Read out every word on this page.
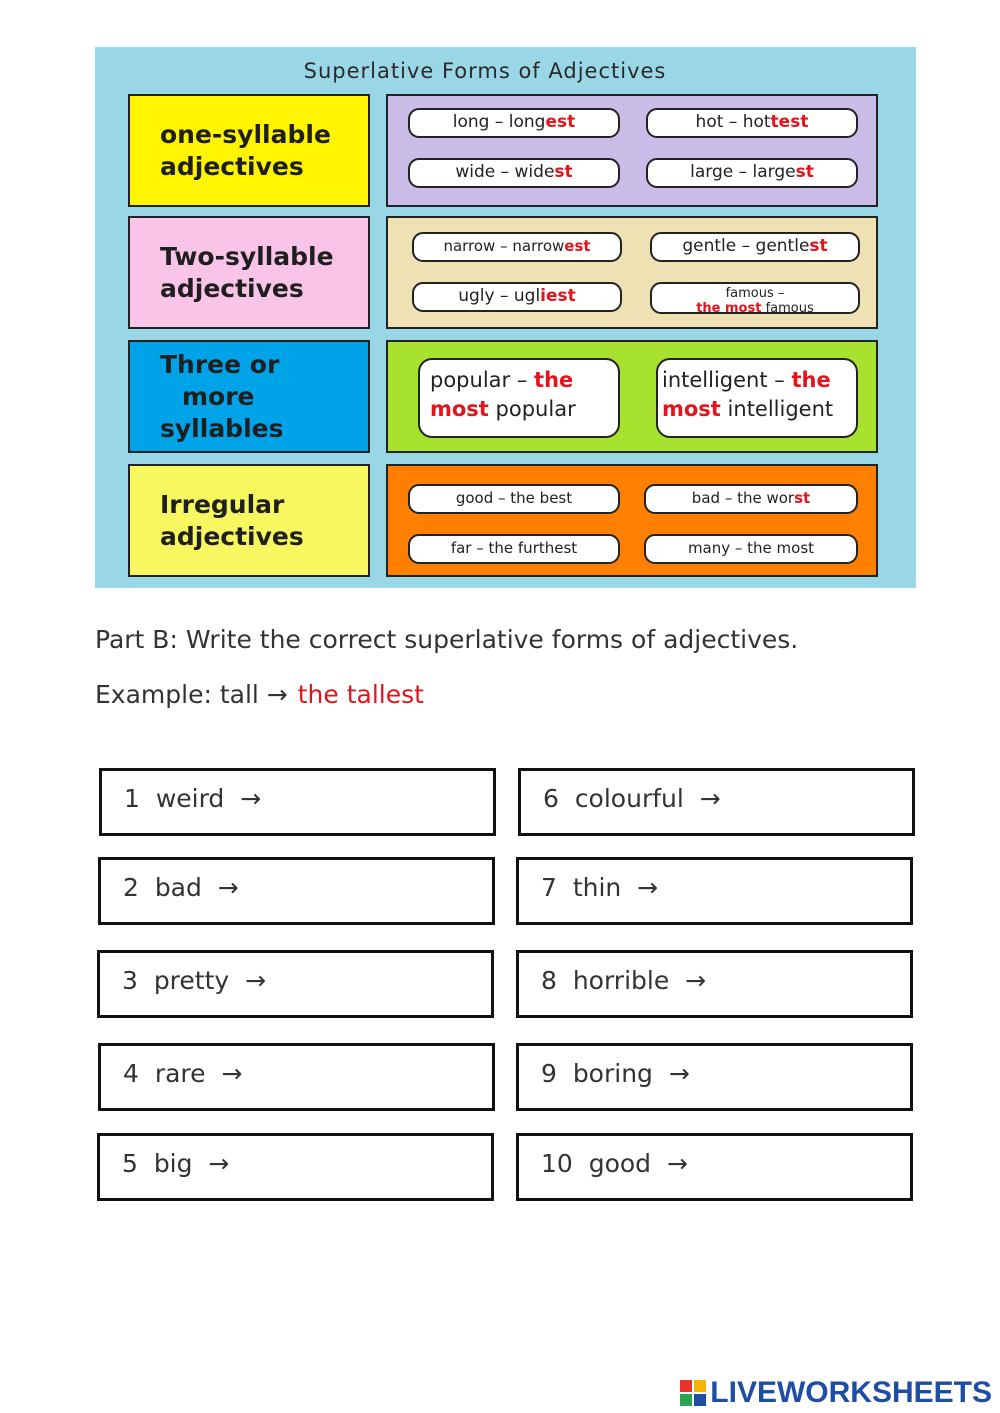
Superlative Forms of Adjectives
one-syllable
adjectives
long – longest	hot – hottest
wide – widest	large – largest
Two-syllable
adjectives
narrow – narrowest	gentle – gentlest
ugly – ugliest	famous –
the most famous
Three or
more
syllables
popular – the most popular
intelligent – the most intelligent
Irregular
adjectives
good – the best	bad – the worst
far – the furthest	many – the most
Part B: Write the correct superlative forms of adjectives.
Example: tall → the tallest
1 weird →
2 bad →
3 pretty →
4 rare →
5 big →
6 colourful →
7 thin →
8 horrible →
9 boring →
10 good →
LIVEWORKSHEETS
